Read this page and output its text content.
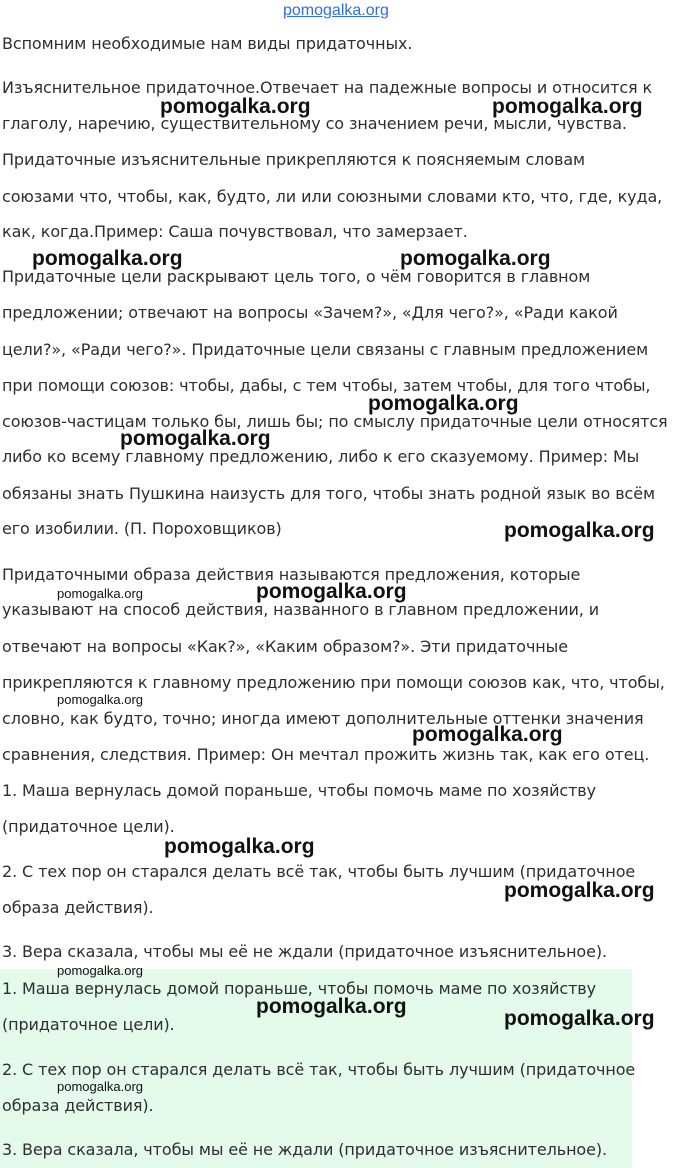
pomogalka.org

Вспомним необходимые нам виды придаточных.

Изъяснительное придаточное.Отвечает на падежные вопросы и относится к

глаголу, наречию, существительному со значением речи, мысли, чувства.

Придаточные изъяснительные прикрепляются к поясняемым словам

союзами что, чтобы, как, будто, ли или союзными словами кто, что, где, куда,

как, когда.Пример: Саша почувствовал, что замерзает.

Придаточные цели раскрывают цель того, о чём говорится в главном

предложении; отвечают на вопросы «Зачем?», «Для чего?», «Ради какой

цели?», «Ради чего?». Придаточные цели связаны с главным предложением

при помощи союзов: чтобы, дабы, с тем чтобы, затем чтобы, для того чтобы,

союзов-частицам только бы, лишь бы; по смыслу придаточные цели относятся

либо ко всему главному предложению, либо к его сказуемому. Пример: Мы

обязаны знать Пушкина наизусть для того, чтобы знать родной язык во всём

его изобилии. (П. Пороховщиков)

Придаточными образа действия называются предложения, которые

указывают на способ действия, названного в главном предложении, и

отвечают на вопросы «Как?», «Каким образом?». Эти придаточные

прикрепляются к главному предложению при помощи союзов как, что, чтобы,

словно, как будто, точно; иногда имеют дополнительные оттенки значения

сравнения, следствия. Пример: Он мечтал прожить жизнь так, как его отец.

1. Маша вернулась домой пораньше, чтобы помочь маме по хозяйству

(придаточное цели).

2. С тех пор он старался делать всё так, чтобы быть лучшим (придаточное

образа действия).

3. Вера сказала, чтобы мы её не ждали (придаточное изъяснительное).

1. Маша вернулась домой пораньше, чтобы помочь маме по хозяйству

(придаточное цели).

2. С тех пор он старался делать всё так, чтобы быть лучшим (придаточное

образа действия).

3. Вера сказала, чтобы мы её не ждали (придаточное изъяснительное).

pomogalka.org	pomogalka.org
pomogalka.org	pomogalka.org
pomogalka.org
pomogalka.org
pomogalka.org
pomogalka.org	pomogalka.org
pomogalka.org
pomogalka.org
pomogalka.org
pomogalka.org
pomogalka.org
pomogalka.org
pomogalka.org
pomogalka.org
